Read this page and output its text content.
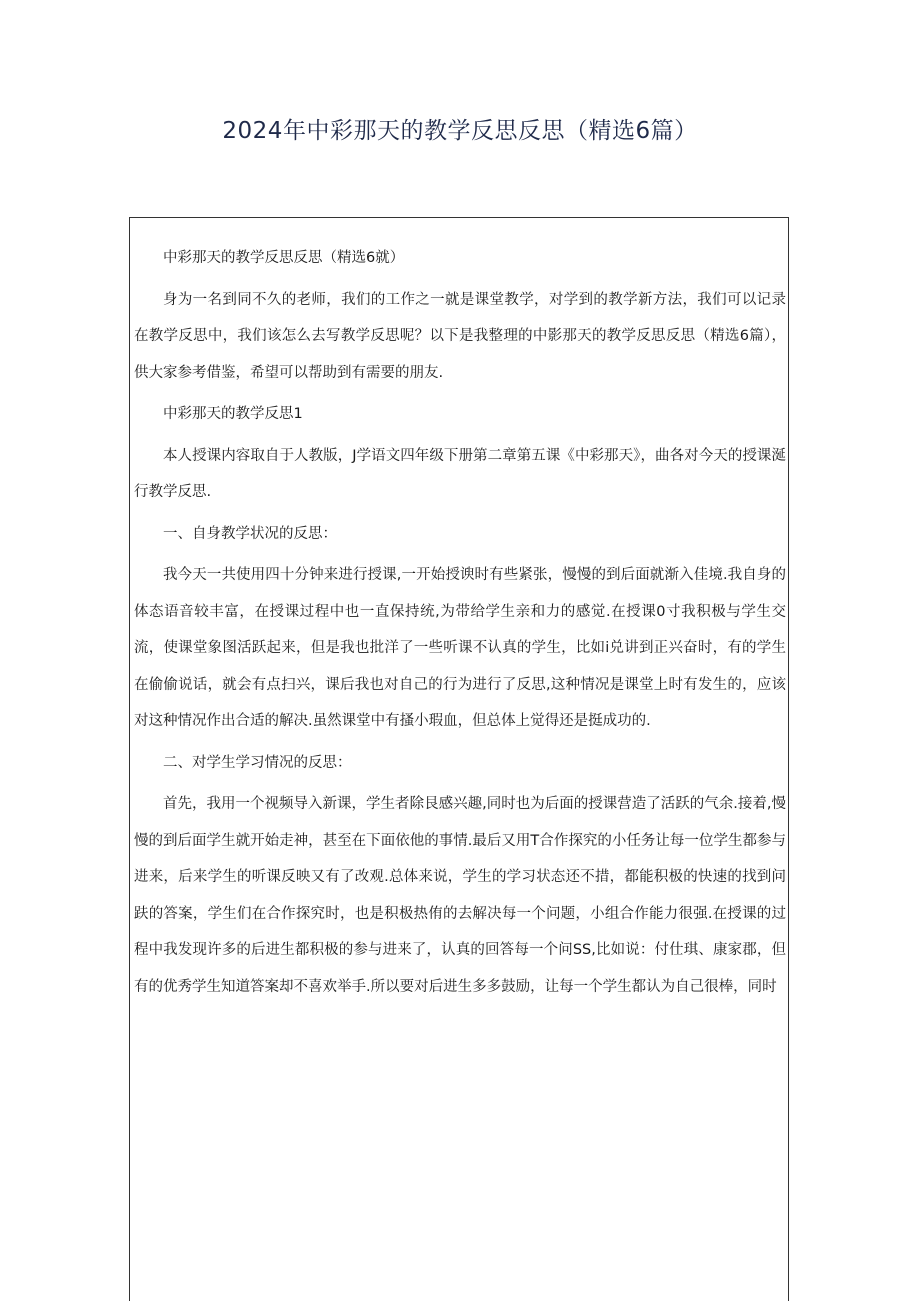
2024年中彩那天的教学反思反思（精选6篇）

中彩那天的教学反思反思（精选6就）

身为一名到同不久的老师，我们的工作之一就是课堂教学，对学到的教学新方法，我们可以记录在教学反思中，我们该怎么去写教学反思呢？以下是我整理的中影那天的教学反思反思（精选6篇），供大家参考借鉴，希望可以帮助到有需要的朋友.

中彩那天的教学反思1

本人授课内容取自于人教版，J学语文四年级下册第二章第五课《中彩那天》，曲各对今天的授课涎行教学反思.

一、自身教学状况的反思：

我今天一共使用四十分钟来进行授课,一开始授谀时有些紧张，慢慢的到后面就渐入佳境.我自身的体态语音较丰富，在授课过程中也一直保持统,为带给学生亲和力的感觉.在授课0寸我积极与学生交流，使课堂象图活跃起来，但是我也批洋了一些听课不认真的学生，比如i兑讲到正兴奋时，有的学生在偷偷说话，就会有点扫兴，课后我也对自己的行为进行了反思,这种情况是课堂上时有发生的，应该对这种情况作出合适的解决.虽然课堂中有搔小瑕血，但总体上觉得还是挺成功的.

二、对学生学习情况的反思：

首先，我用一个视频导入新课，学生者除艮感兴趣,同时也为后面的授课营造了活跃的气余.接着,慢慢的到后面学生就开始走神，甚至在下面依他的事情.最后又用T合作探究的小任务让每一位学生都参与进来，后来学生的听课反映又有了改观.总体来说，学生的学习状态还不措，都能积极的快速的找到问趺的答案，学生们在合作探究时，也是积极热侑的去解决每一个问题，小组合作能力很强.在授课的过程中我发现许多的后进生都积极的参与进来了，认真的回答每一个问SS,比如说：付仕琪、康家郡，但有的优秀学生知道答案却不喜欢举手.所以要对后进生多多鼓励，让每一个学生都认为自己很棒，同时
